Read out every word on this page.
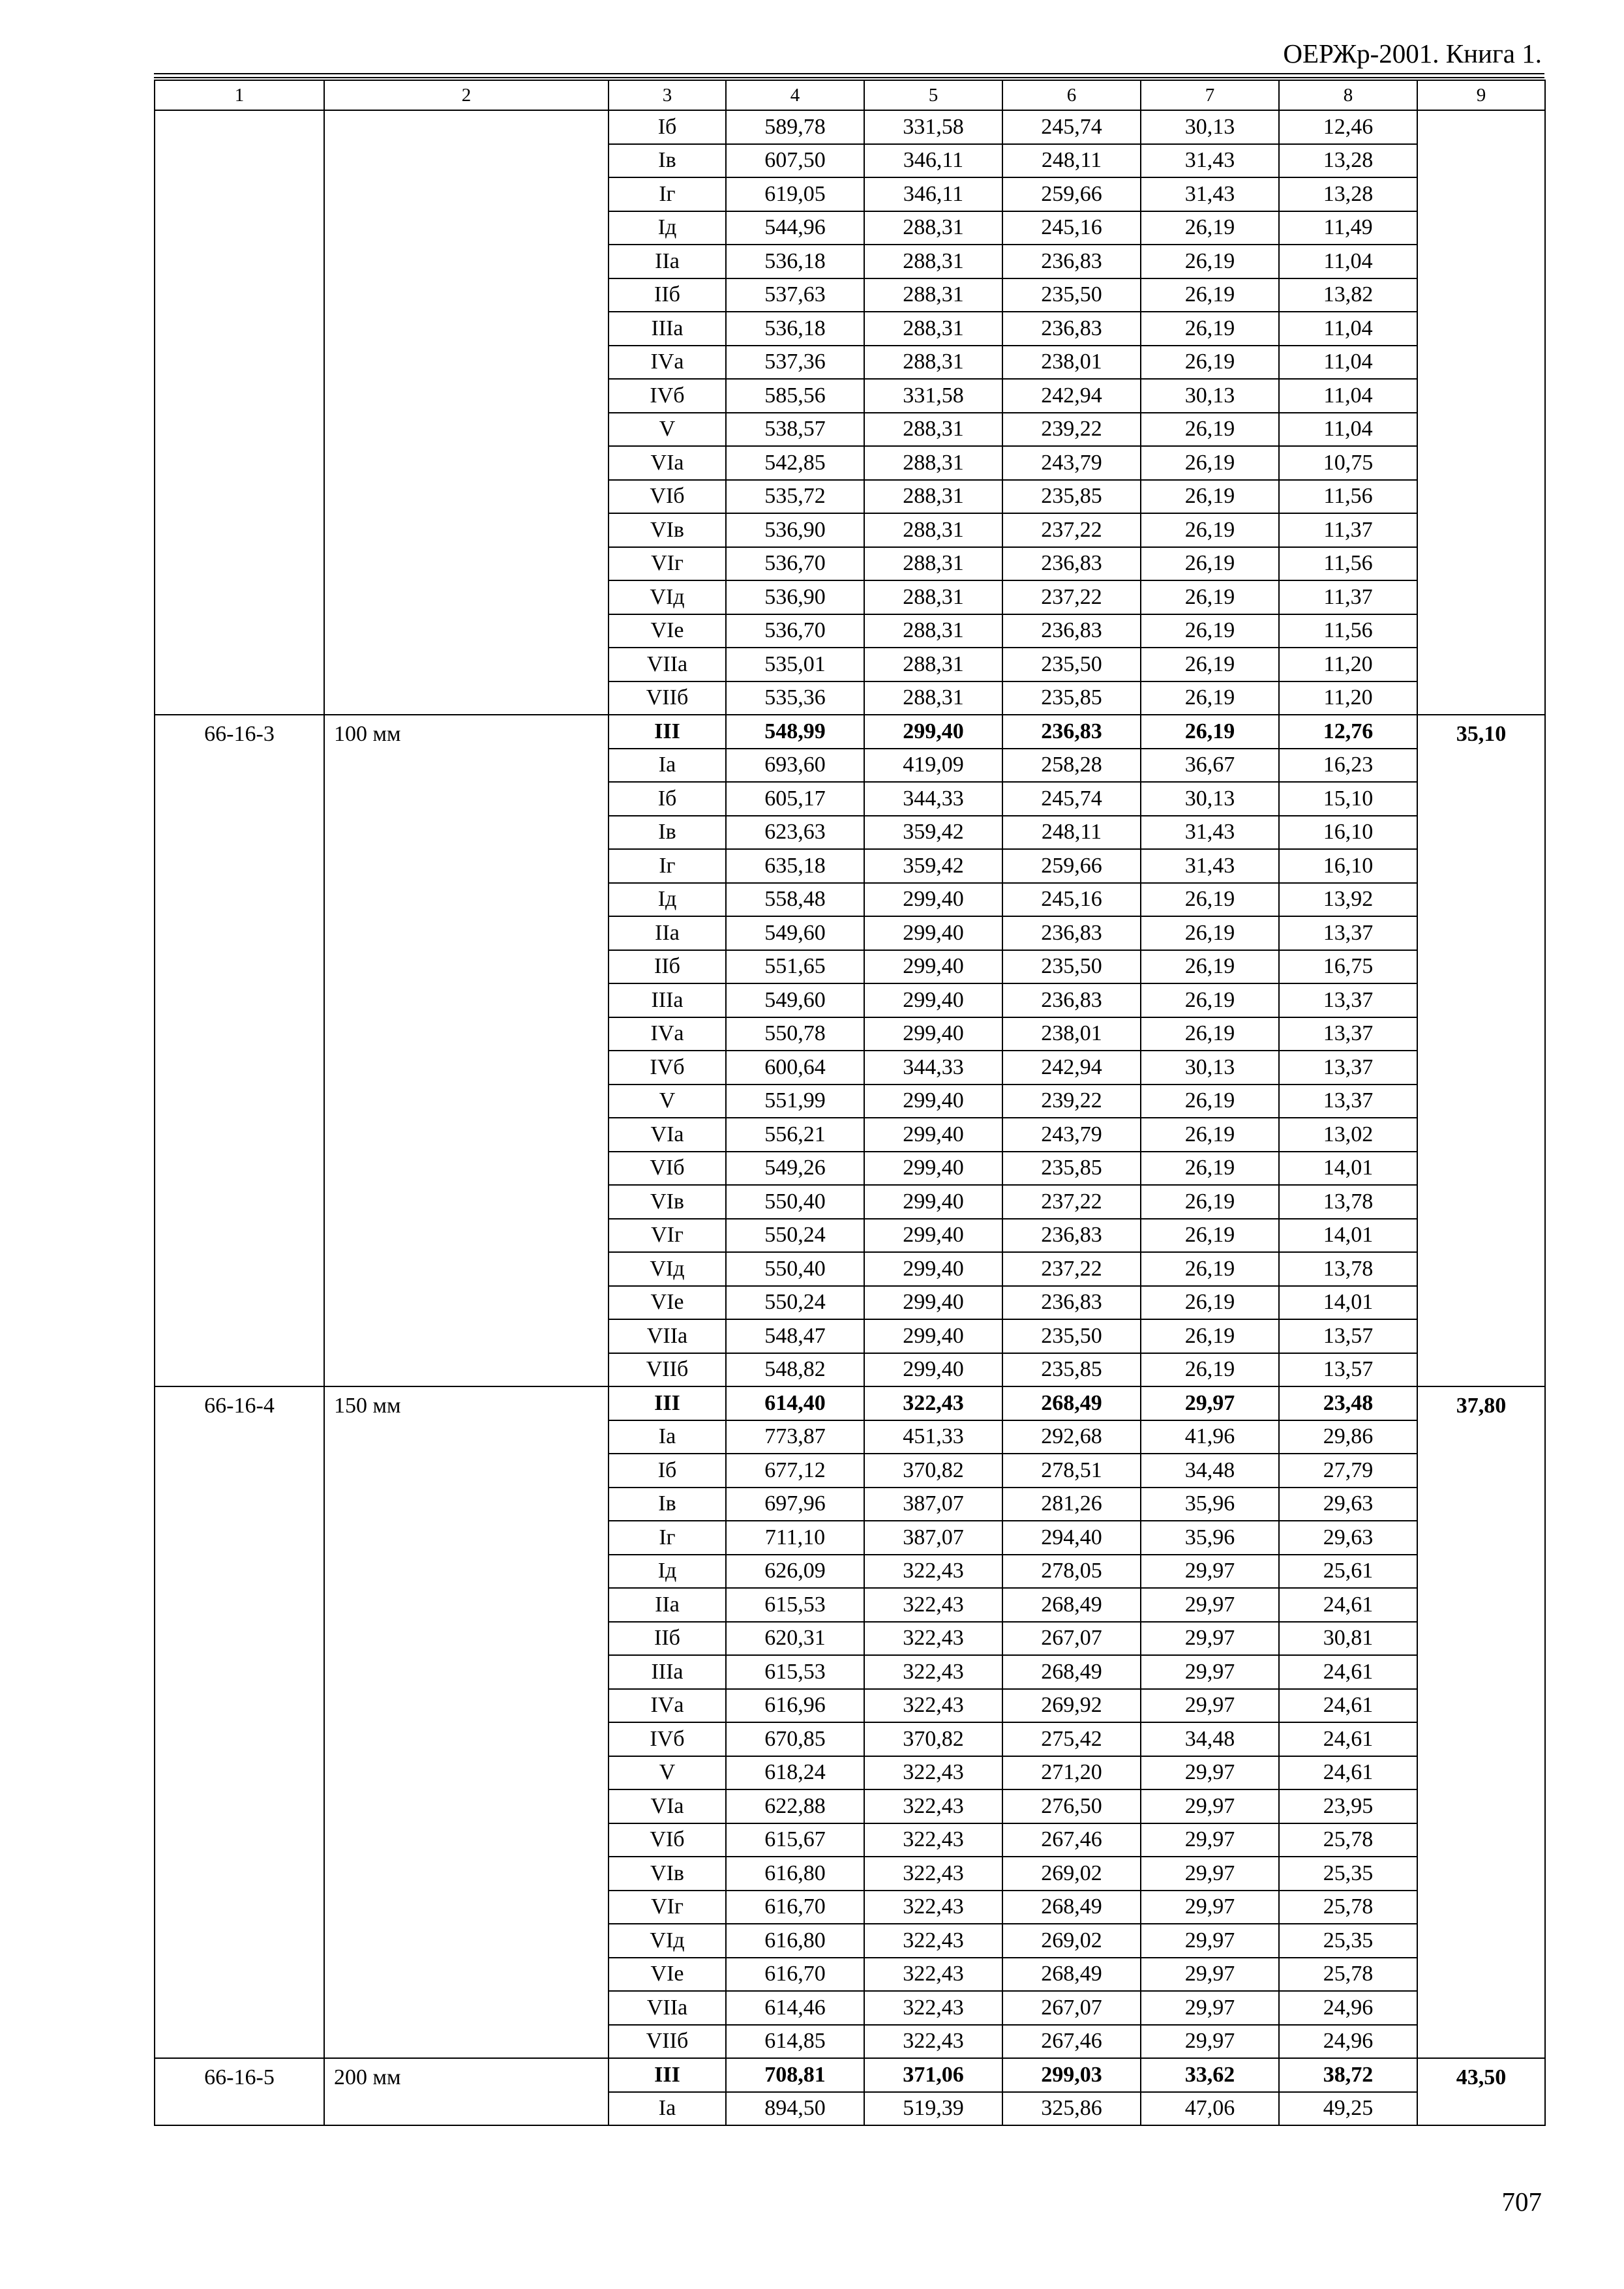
ОЕРЖр-2001. Книга 1.
1	2	3	4	5	6	7	8	9
		Iб	589,78	331,58	245,74	30,13	12,46	
		Iв	607,50	346,11	248,11	31,43	13,28	
		Iг	619,05	346,11	259,66	31,43	13,28	
		Iд	544,96	288,31	245,16	26,19	11,49	
		IIа	536,18	288,31	236,83	26,19	11,04	
		IIб	537,63	288,31	235,50	26,19	13,82	
		IIIа	536,18	288,31	236,83	26,19	11,04	
		IVа	537,36	288,31	238,01	26,19	11,04	
		IVб	585,56	331,58	242,94	30,13	11,04	
		V	538,57	288,31	239,22	26,19	11,04	
		VIа	542,85	288,31	243,79	26,19	10,75	
		VIб	535,72	288,31	235,85	26,19	11,56	
		VIв	536,90	288,31	237,22	26,19	11,37	
		VIг	536,70	288,31	236,83	26,19	11,56	
		VIд	536,90	288,31	237,22	26,19	11,37	
		VIе	536,70	288,31	236,83	26,19	11,56	
		VIIа	535,01	288,31	235,50	26,19	11,20	
		VIIб	535,36	288,31	235,85	26,19	11,20	
66-16-3	100 мм	III	548,99	299,40	236,83	26,19	12,76	35,10
		Iа	693,60	419,09	258,28	36,67	16,23	
		Iб	605,17	344,33	245,74	30,13	15,10	
		Iв	623,63	359,42	248,11	31,43	16,10	
		Iг	635,18	359,42	259,66	31,43	16,10	
		Iд	558,48	299,40	245,16	26,19	13,92	
		IIа	549,60	299,40	236,83	26,19	13,37	
		IIб	551,65	299,40	235,50	26,19	16,75	
		IIIа	549,60	299,40	236,83	26,19	13,37	
		IVа	550,78	299,40	238,01	26,19	13,37	
		IVб	600,64	344,33	242,94	30,13	13,37	
		V	551,99	299,40	239,22	26,19	13,37	
		VIа	556,21	299,40	243,79	26,19	13,02	
		VIб	549,26	299,40	235,85	26,19	14,01	
		VIв	550,40	299,40	237,22	26,19	13,78	
		VIг	550,24	299,40	236,83	26,19	14,01	
		VIд	550,40	299,40	237,22	26,19	13,78	
		VIе	550,24	299,40	236,83	26,19	14,01	
		VIIа	548,47	299,40	235,50	26,19	13,57	
		VIIб	548,82	299,40	235,85	26,19	13,57	
66-16-4	150 мм	III	614,40	322,43	268,49	29,97	23,48	37,80
		Iа	773,87	451,33	292,68	41,96	29,86	
		Iб	677,12	370,82	278,51	34,48	27,79	
		Iв	697,96	387,07	281,26	35,96	29,63	
		Iг	711,10	387,07	294,40	35,96	29,63	
		Iд	626,09	322,43	278,05	29,97	25,61	
		IIа	615,53	322,43	268,49	29,97	24,61	
		IIб	620,31	322,43	267,07	29,97	30,81	
		IIIа	615,53	322,43	268,49	29,97	24,61	
		IVа	616,96	322,43	269,92	29,97	24,61	
		IVб	670,85	370,82	275,42	34,48	24,61	
		V	618,24	322,43	271,20	29,97	24,61	
		VIа	622,88	322,43	276,50	29,97	23,95	
		VIб	615,67	322,43	267,46	29,97	25,78	
		VIв	616,80	322,43	269,02	29,97	25,35	
		VIг	616,70	322,43	268,49	29,97	25,78	
		VIд	616,80	322,43	269,02	29,97	25,35	
		VIе	616,70	322,43	268,49	29,97	25,78	
		VIIа	614,46	322,43	267,07	29,97	24,96	
		VIIб	614,85	322,43	267,46	29,97	24,96	
66-16-5	200 мм	III	708,81	371,06	299,03	33,62	38,72	43,50
		Iа	894,50	519,39	325,86	47,06	49,25	
707
